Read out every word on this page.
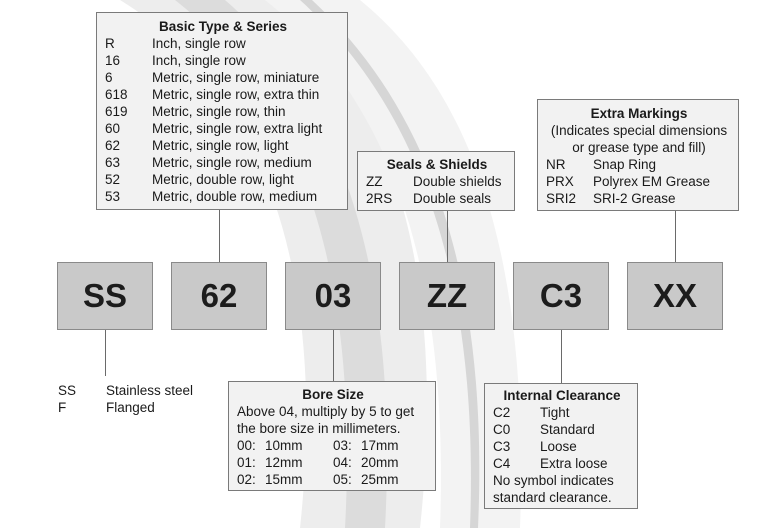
SS	62	03	ZZ	C3	XX
Basic Type & Series
R	Inch, single row
16	Inch, single row
6	Metric, single row, miniature
618	Metric, single row, extra thin
619	Metric, single row, thin
60	Metric, single row, extra light
62	Metric, single row, light
63	Metric, single row, medium
52	Metric, double row, light
53	Metric, double row, medium
Seals & Shields
ZZ	Double shields
2RS	Double seals
Extra Markings
(Indicates special dimensions
or grease type and fill)
NR	Snap Ring
PRX	Polyrex EM Grease
SRI2	SRI-2 Grease
SS	Stainless steel
F	Flanged
Bore Size
Above 04, multiply by 5 to get
the bore size in millimeters.
00: 10mm	03: 17mm
01: 12mm	04: 20mm
02: 15mm	05: 25mm
Internal Clearance
C2	Tight
C0	Standard
C3	Loose
C4	Extra loose
No symbol indicates
standard clearance.
